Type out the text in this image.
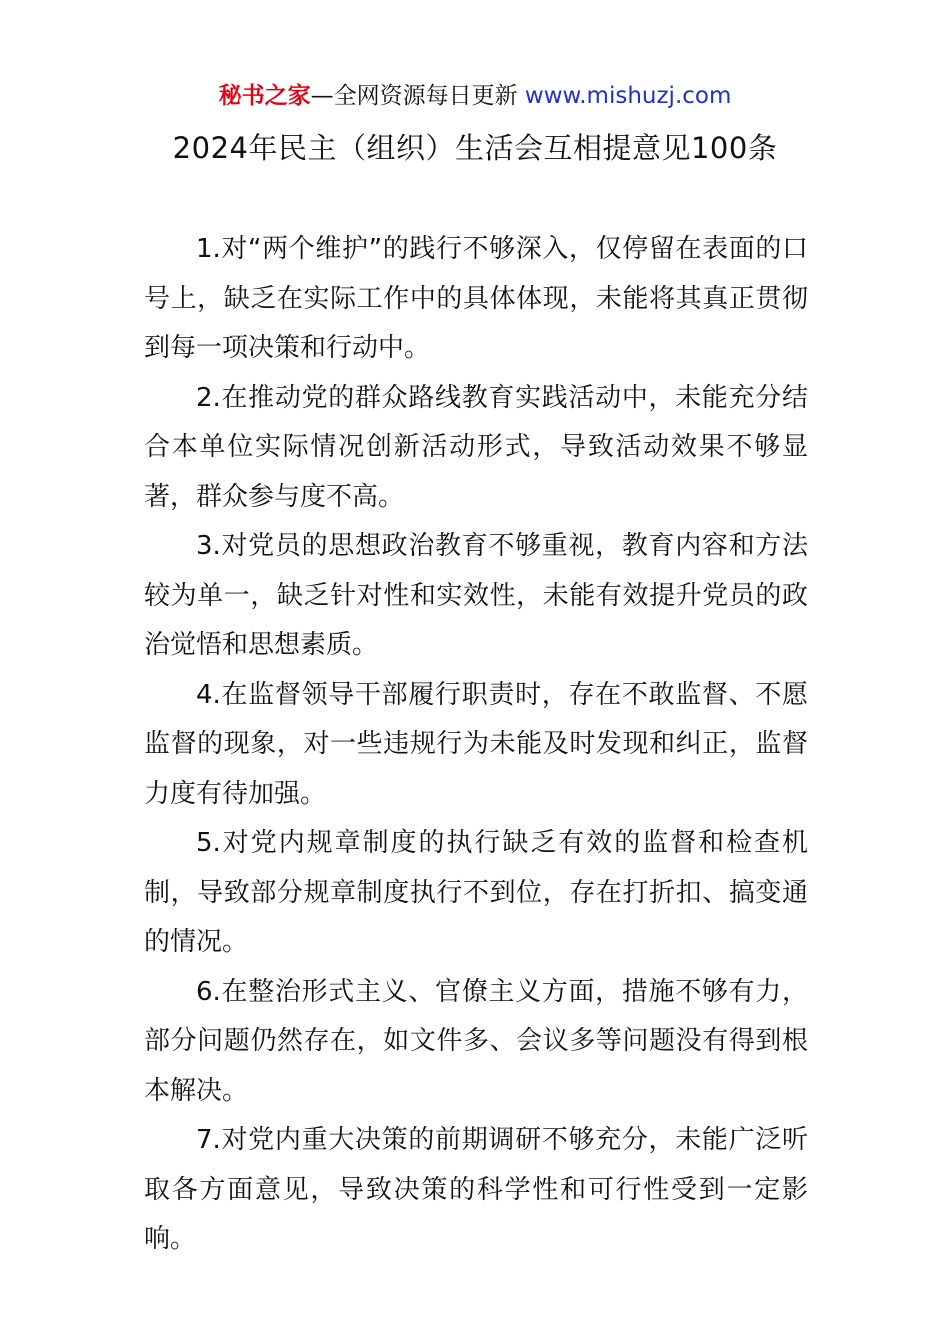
秘书之家—全网资源每日更新 www.mishuzj.com
2024年民主（组织）生活会互相提意见100条

1.对“两个维护”的践行不够深入，仅停留在表面的口号上，缺乏在实际工作中的具体体现，未能将其真正贯彻到每一项决策和行动中。

2.在推动党的群众路线教育实践活动中，未能充分结合本单位实际情况创新活动形式，导致活动效果不够显著，群众参与度不高。

3.对党员的思想政治教育不够重视，教育内容和方法较为单一，缺乏针对性和实效性，未能有效提升党员的政治觉悟和思想素质。

4.在监督领导干部履行职责时，存在不敢监督、不愿监督的现象，对一些违规行为未能及时发现和纠正，监督力度有待加强。

5.对党内规章制度的执行缺乏有效的监督和检查机制，导致部分规章制度执行不到位，存在打折扣、搞变通的情况。

6.在整治形式主义、官僚主义方面，措施不够有力，部分问题仍然存在，如文件多、会议多等问题没有得到根本解决。

7.对党内重大决策的前期调研不够充分，未能广泛听取各方面意见，导致决策的科学性和可行性受到一定影响。
